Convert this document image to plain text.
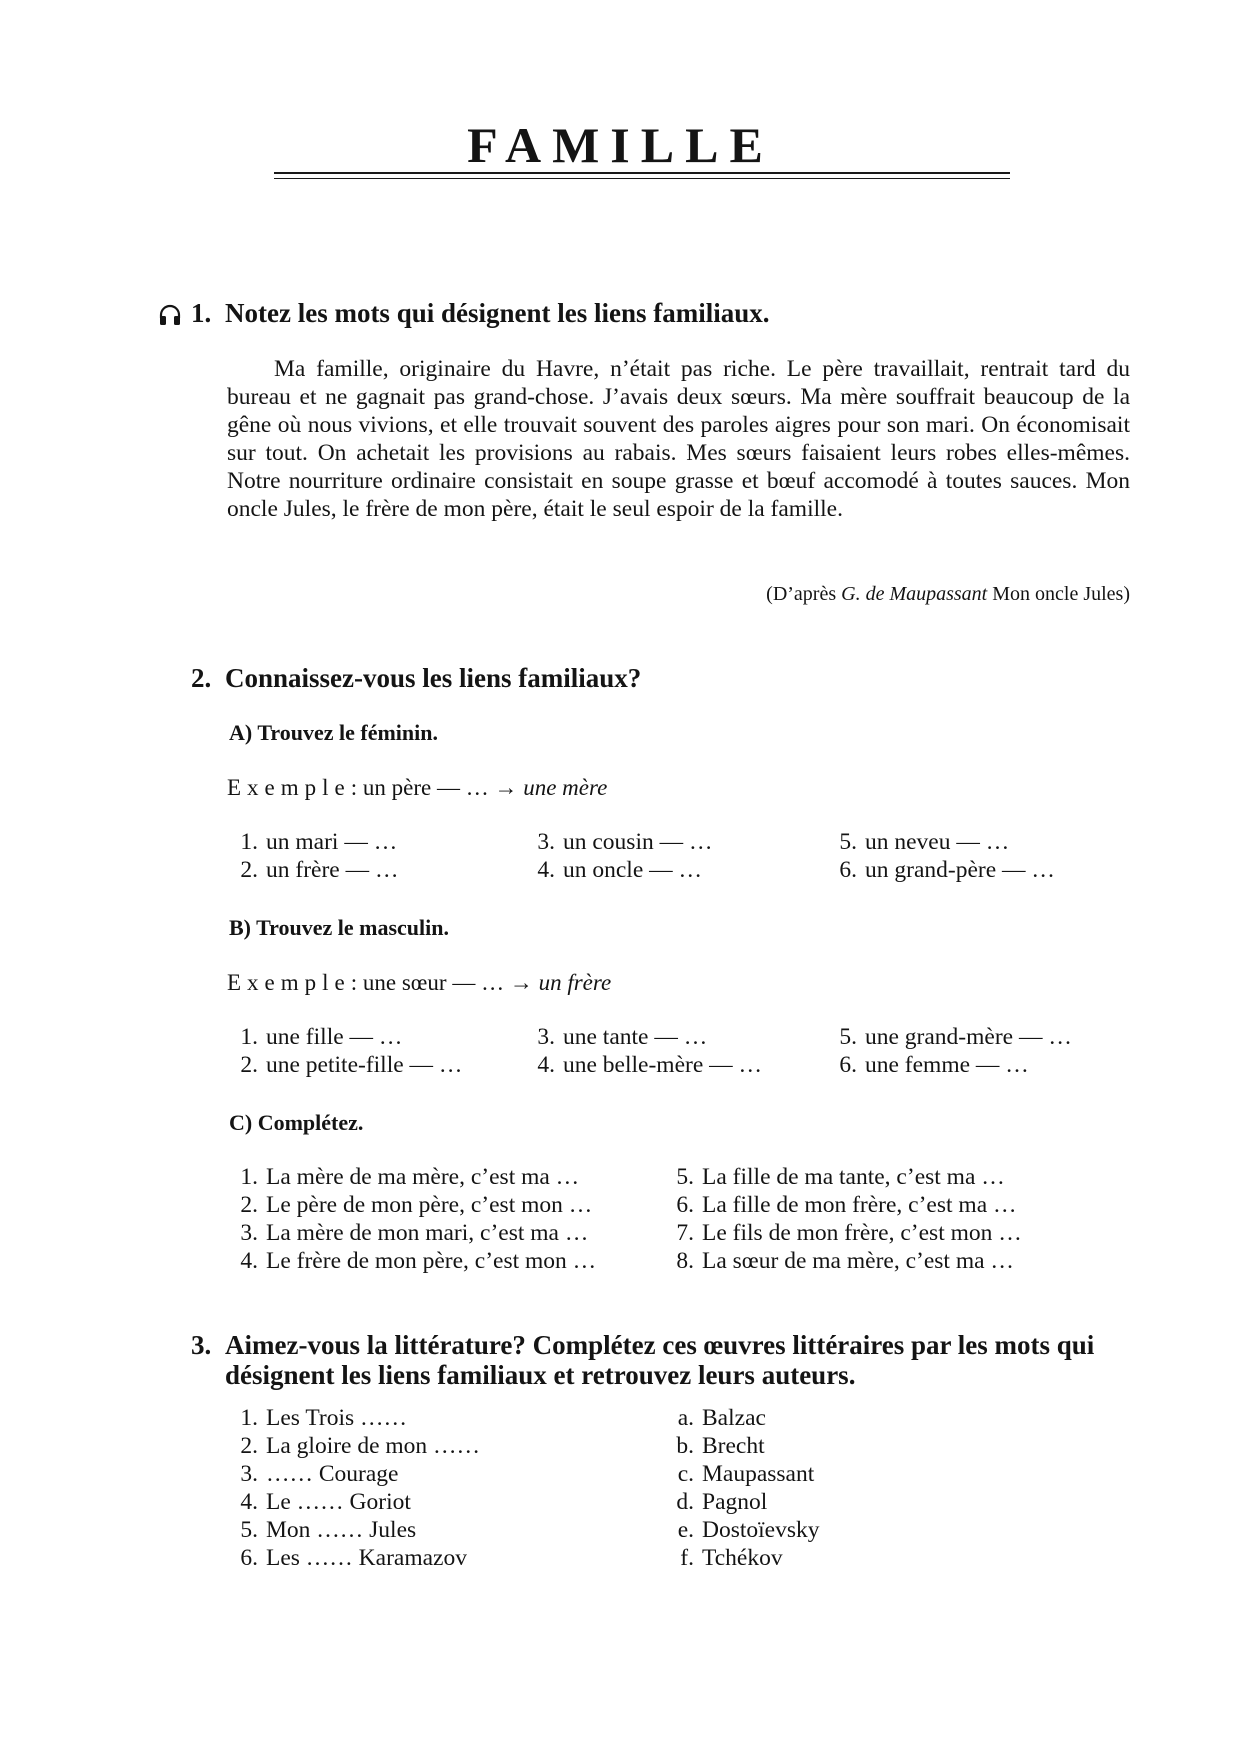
FAMILLE
1. Notez les mots qui désignent les liens familiaux.

Ma famille, originaire du Havre, n’était pas riche. Le père travaillait, rentrait tard du bureau et ne gagnait pas grand-chose. J’avais deux sœurs. Ma mère souffrait beaucoup de la gêne où nous vivions, et elle trouvait souvent des paroles aigres pour son mari. On économisait sur tout. On achetait les provisions au rabais. Mes sœurs faisaient leurs robes elles-mêmes. Notre nourriture ordinaire consistait en soupe grasse et bœuf accomodé à toutes sauces. Mon oncle Jules, le frère de mon père, était le seul espoir de la famille.

(D’après G. de Maupassant Mon oncle Jules)
2. Connaissez-vous les liens familiaux?
A) Trouvez le féminin.
Exemple: un père — … → une mère
1. un mari — …
2. un frère — …
3. un cousin — …
4. un oncle — …
5. un neveu — …
6. un grand-père — …
B) Trouvez le masculin.
Exemple: une sœur — … → un frère
1. une fille — …
2. une petite-fille — …
3. une tante — …
4. une belle-mère — …
5. une grand-mère — …
6. une femme — …
C) Complétez.
1. La mère de ma mère, c’est ma …
2. Le père de mon père, c’est mon …
3. La mère de mon mari, c’est ma …
4. Le frère de mon père, c’est mon …
5. La fille de ma tante, c’est ma …
6. La fille de mon frère, c’est ma …
7. Le fils de mon frère, c’est mon …
8. La sœur de ma mère, c’est ma …
3. Aimez-vous la littérature? Complétez ces œuvres littéraires par les mots qui désignent les liens familiaux et retrouvez leurs auteurs.
1. Les Trois ……
2. La gloire de mon ……
3. …… Courage
4. Le …… Goriot
5. Mon …… Jules
6. Les …… Karamazov
a. Balzac
b. Brecht
c. Maupassant
d. Pagnol
e. Dostoïevsky
f. Tchékov
